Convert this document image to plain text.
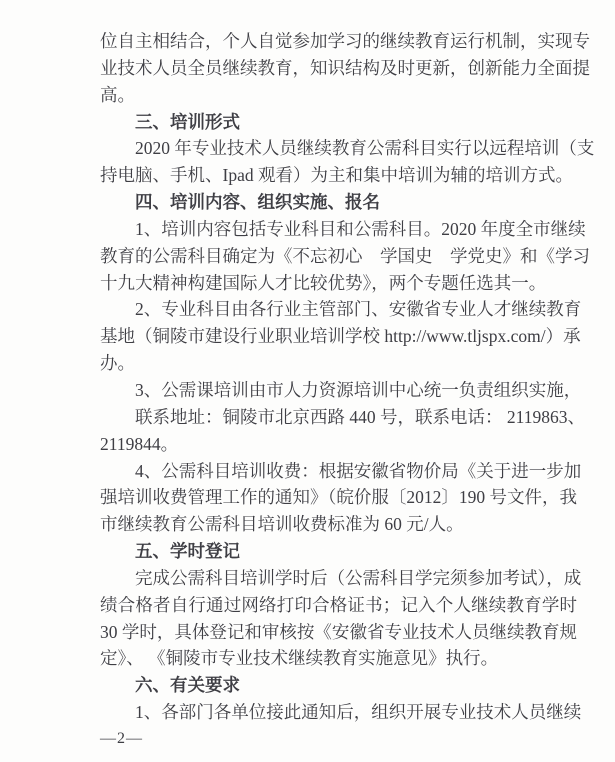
位自主相结合，个人自觉参加学习的继续教育运行机制，实现专
业技术人员全员继续教育，知识结构及时更新，创新能力全面提
高。
三、培训形式
2020 年专业技术人员继续教育公需科目实行以远程培训（支
持电脑、手机、Ipad 观看）为主和集中培训为辅的培训方式。
四、培训内容、组织实施、报名
1、培训内容包括专业科目和公需科目。2020 年度全市继续
教育的公需科目确定为《不忘初心　学国史　学党史》和《学习
十九大精神构建国际人才比较优势》，两个专题任选其一。
2、专业科目由各行业主管部门、安徽省专业人才继续教育
基地（铜陵市建设行业职业培训学校 http://www.tljspx.com/）承
办。
3、公需课培训由市人力资源培训中心统一负责组织实施，
联系地址：铜陵市北京西路 440 号，联系电话： 2119863、
2119844。
4、公需科目培训收费：根据安徽省物价局《关于进一步加
强培训收费管理工作的通知》（皖价服〔2012〕190 号文件，我
市继续教育公需科目培训收费标准为 60 元/人。
五、学时登记
完成公需科目培训学时后（公需科目学完须参加考试），成
绩合格者自行通过网络打印合格证书；记入个人继续教育学时
30 学时，具体登记和审核按《安徽省专业技术人员继续教育规
定》、 《铜陵市专业技术继续教育实施意见》执行。
六、有关要求
1、各部门各单位接此通知后，组织开展专业技术人员继续
—2—
